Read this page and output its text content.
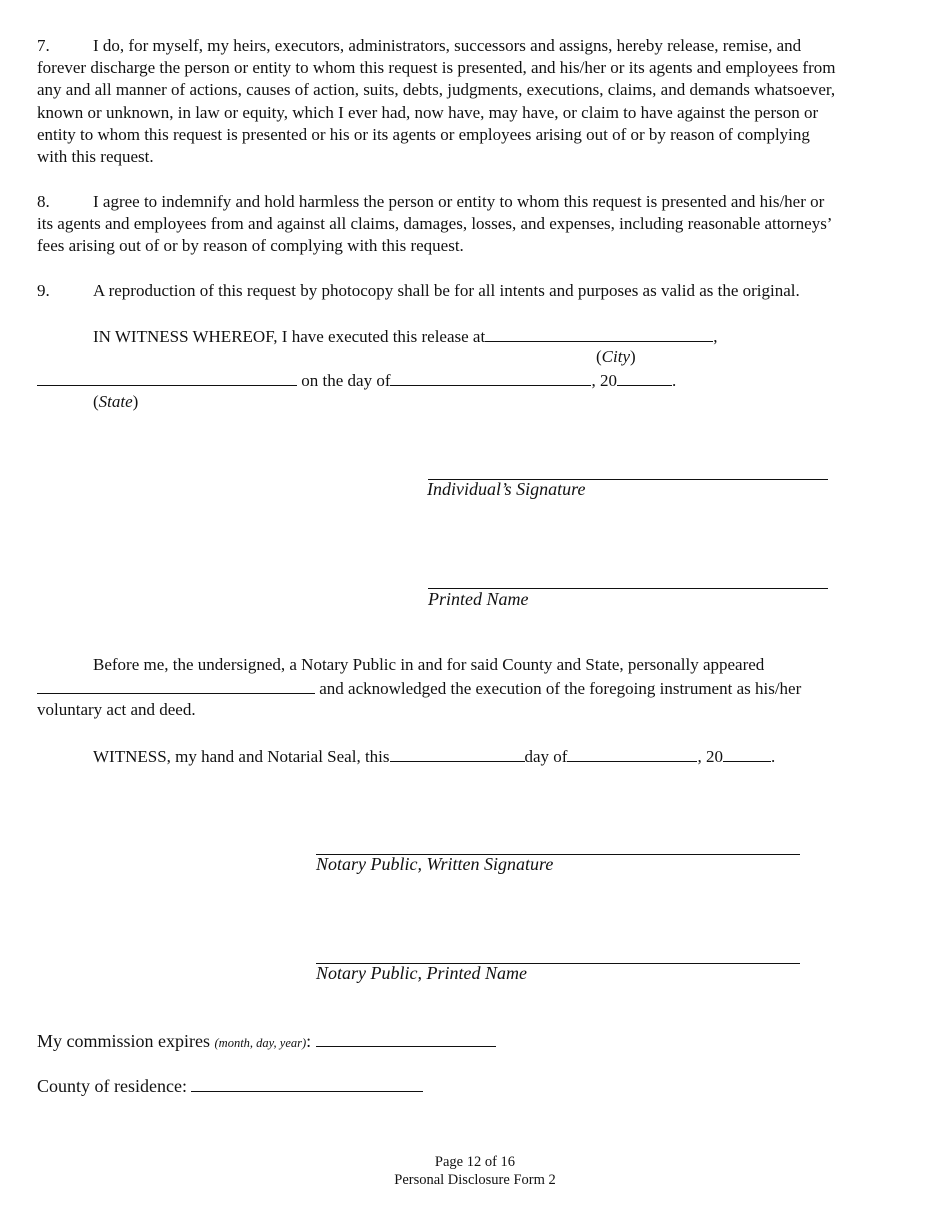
7.	I do, for myself, my heirs, executors, administrators, successors and assigns, hereby release, remise, and
forever discharge the person or entity to whom this request is presented, and his/her or its agents and employees from
any and all manner of actions, causes of action, suits, debts, judgments, executions, claims, and demands whatsoever,
known or unknown, in law or equity, which I ever had, now have, may have, or claim to have against the person or
entity to whom this request is presented or his or its agents or employees arising out of or by reason of complying
with this request.
8.	I agree to indemnify and hold harmless the person or entity to whom this request is presented and his/her or
its agents and employees from and against all claims, damages, losses, and expenses, including reasonable attorneys’
fees arising out of or by reason of complying with this request.
9.	A reproduction of this request by photocopy shall be for all intents and purposes as valid as the original.
IN WITNESS WHEREOF, I have executed this release at	,
(City)
on the day of	, 20	.
(State)
Individual’s Signature
Printed Name
Before me, the undersigned, a Notary Public in and for said County and State, personally appeared
and acknowledged the execution of the foregoing instrument as his/her
voluntary act and deed.
WITNESS, my hand and Notarial Seal, this	day of	, 20	.
Notary Public, Written Signature
Notary Public, Printed Name
My commission expires (month, day, year):
County of residence:
Page 12 of 16
Personal Disclosure Form 2
